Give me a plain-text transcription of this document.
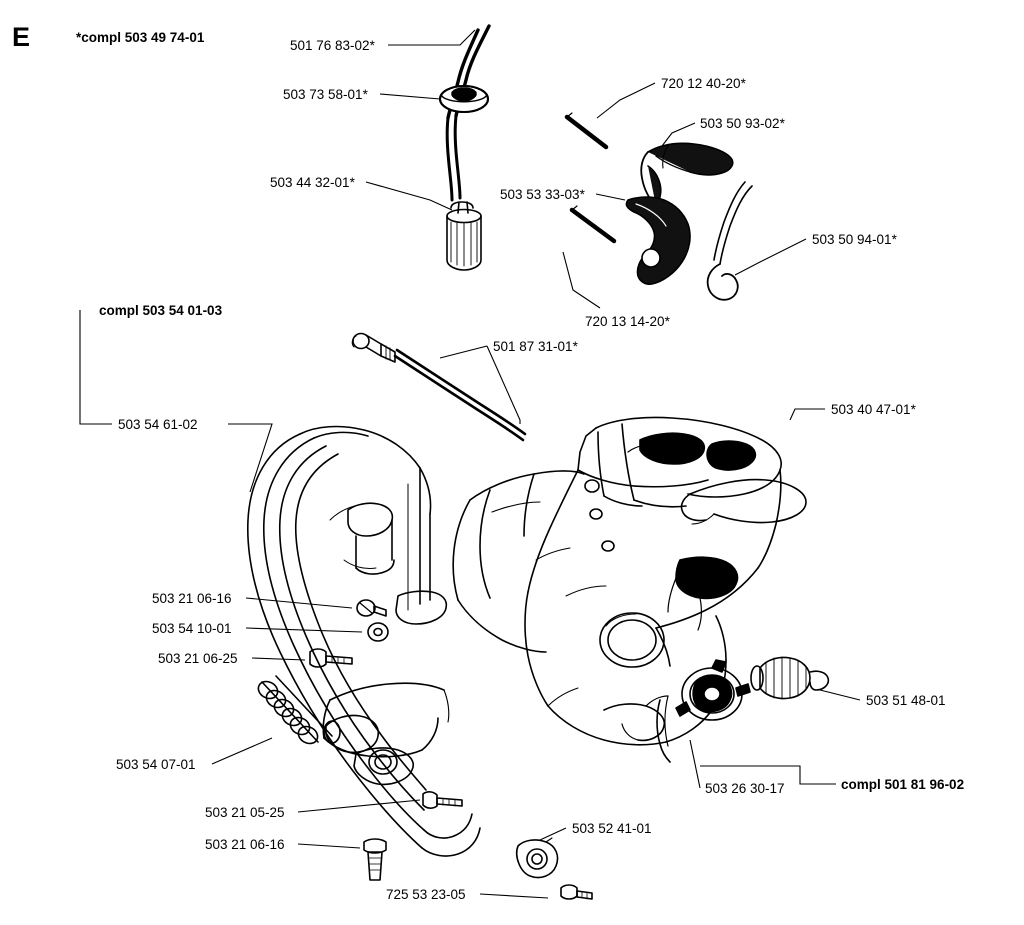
E	*compl 503 49 74-01
501 76 83-02*
720 12 40-20*
503 73 58-01*
503 50 93-02*
503 44 32-01*
503 53 33-03*
503 50 94-01*
720 13 14-20*
compl 503 54 01-03
501 87 31-01*
503 40 47-01*
503 54 61-02
503 21 06-16
503 54 10-01
503 21 06-25
503 51 48-01
503 54 07-01
503 26 30-17	compl 501 81 96-02
503 21 05-25
503 52 41-01
503 21 06-16
725 53 23-05
